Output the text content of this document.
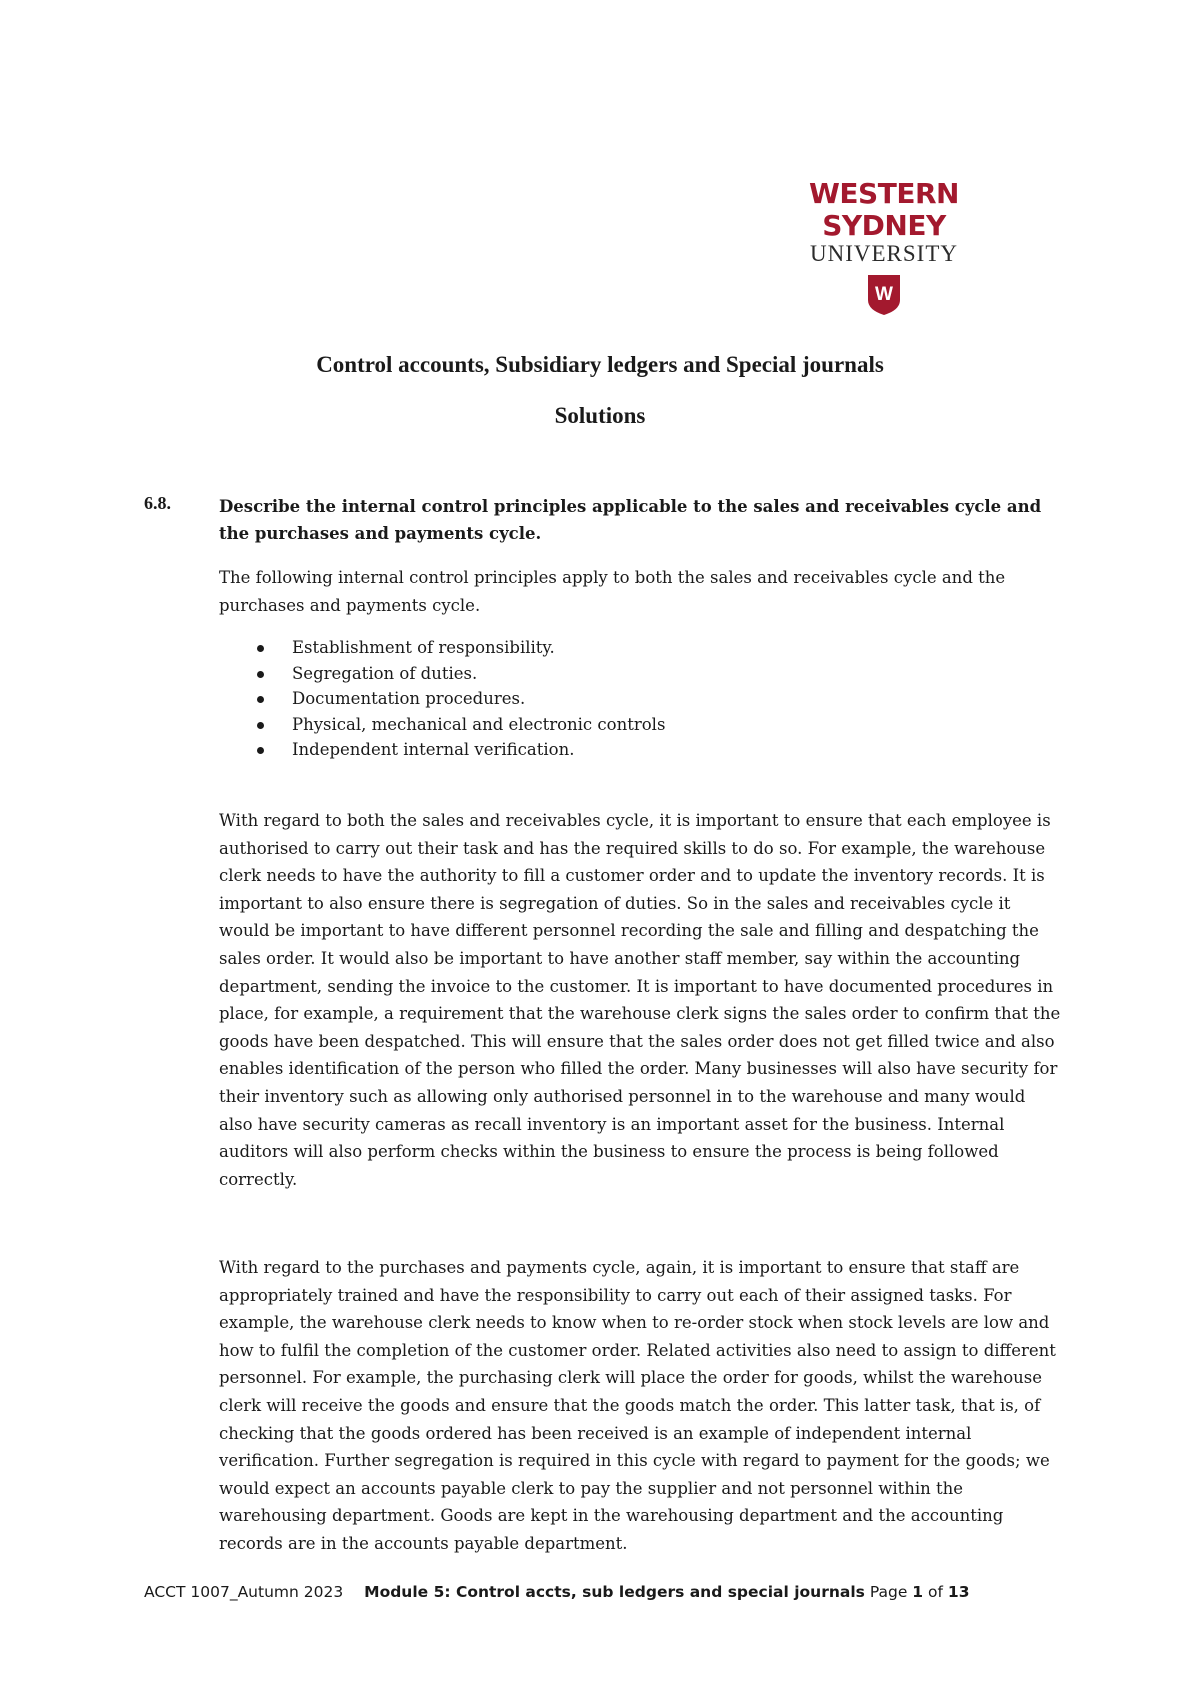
WESTERN SYDNEY
UNIVERSITY
W
Control accounts, Subsidiary ledgers and Special journals
Solutions
6.8.	Describe the internal control principles applicable to the sales and receivables cycle and the purchases and payments cycle.

The following internal control principles apply to both the sales and receivables cycle and the purchases and payments cycle.

Establishment of responsibility.
Segregation of duties.
Documentation procedures.
Physical, mechanical and electronic controls
Independent internal verification.

With regard to both the sales and receivables cycle, it is important to ensure that each employee is authorised to carry out their task and has the required skills to do so. For example, the warehouse clerk needs to have the authority to fill a customer order and to update the inventory records. It is important to also ensure there is segregation of duties. So in the sales and receivables cycle it would be important to have different personnel recording the sale and filling and despatching the sales order. It would also be important to have another staff member, say within the accounting department, sending the invoice to the customer. It is important to have documented procedures in place, for example, a requirement that the warehouse clerk signs the sales order to confirm that the goods have been despatched. This will ensure that the sales order does not get filled twice and also enables identification of the person who filled the order. Many businesses will also have security for their inventory such as allowing only authorised personnel in to the warehouse and many would also have security cameras as recall inventory is an important asset for the business. Internal auditors will also perform checks within the business to ensure the process is being followed correctly.

With regard to the purchases and payments cycle, again, it is important to ensure that staff are appropriately trained and have the responsibility to carry out each of their assigned tasks. For example, the warehouse clerk needs to know when to re-order stock when stock levels are low and how to fulfil the completion of the customer order. Related activities also need to assign to different personnel. For example, the purchasing clerk will place the order for goods, whilst the warehouse clerk will receive the goods and ensure that the goods match the order. This latter task, that is, of checking that the goods ordered has been received is an example of independent internal verification. Further segregation is required in this cycle with regard to payment for the goods; we would expect an accounts payable clerk to pay the supplier and not personnel within the warehousing department. Goods are kept in the warehousing department and the accounting records are in the accounts payable department.

ACCT 1007_Autumn 2023 Module 5: Control accts, sub ledgers and special journals Page 1 of 13
